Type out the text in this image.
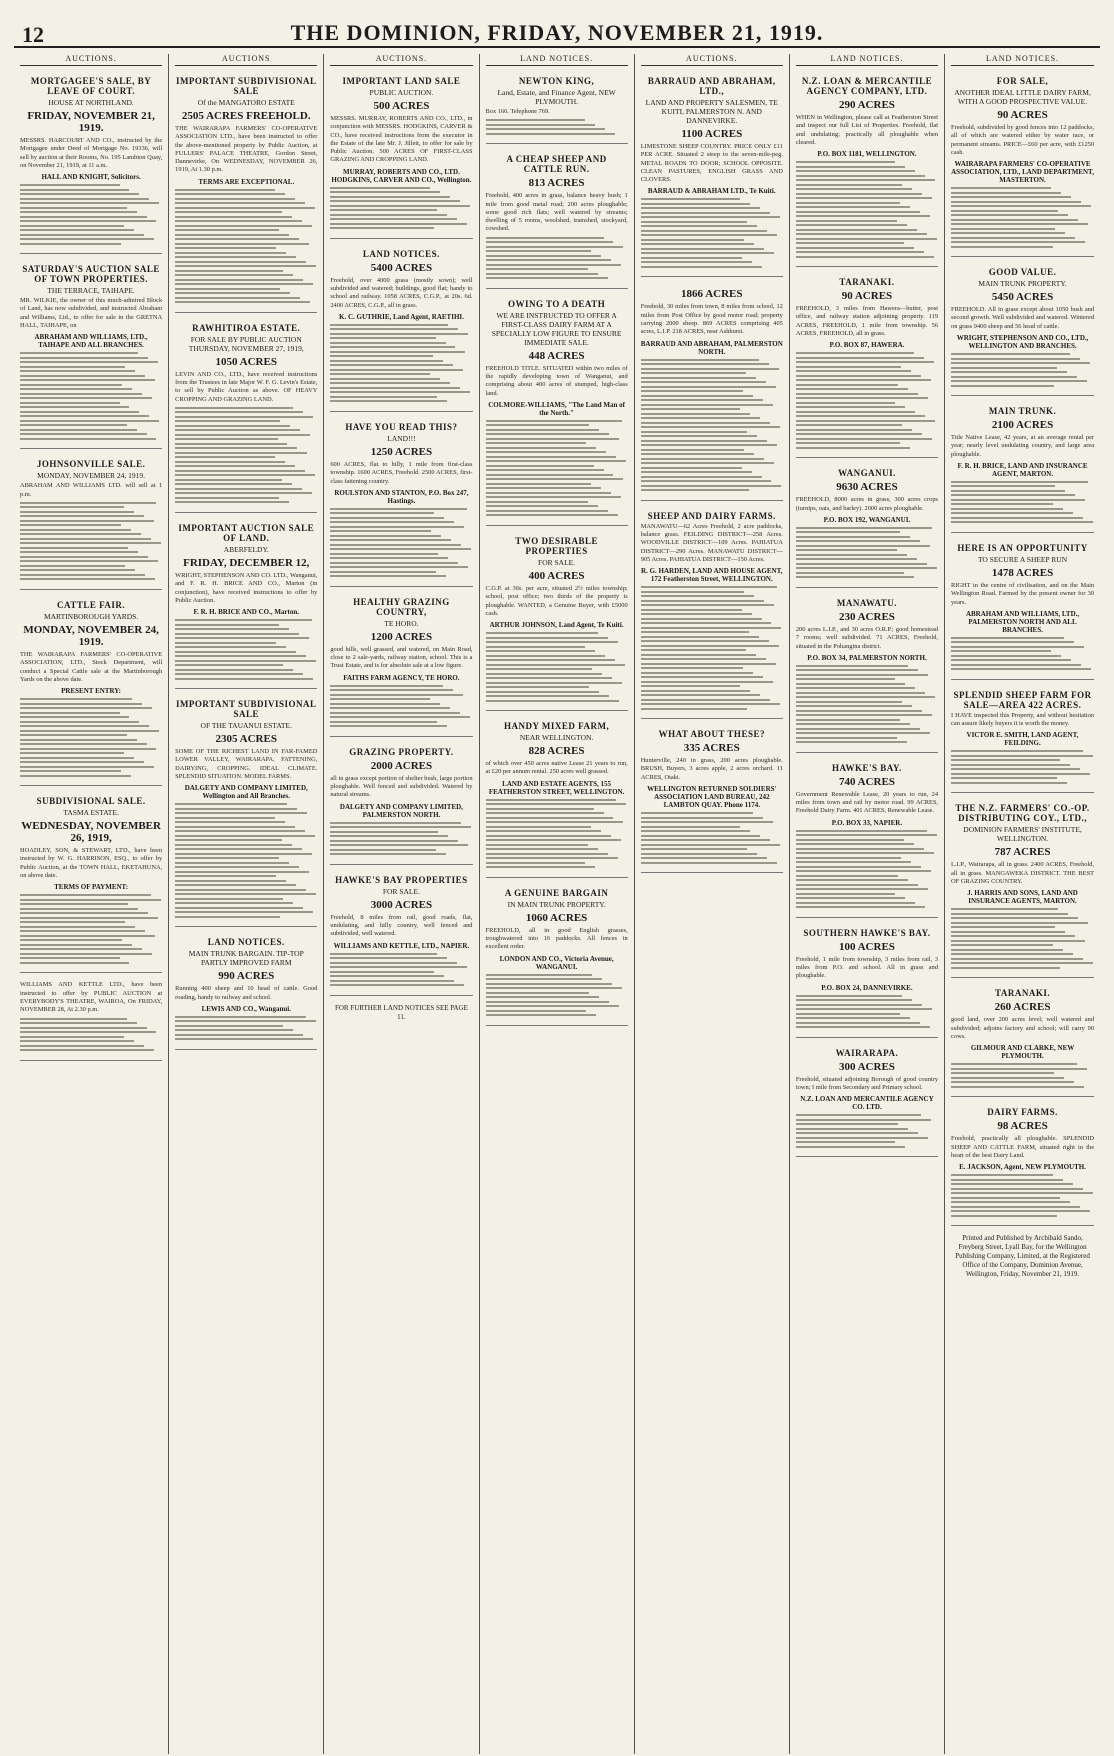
12	THE DOMINION, FRIDAY, NOVEMBER 21, 1919.
AUCTIONS.
MORTGAGEE'S SALE, BY LEAVE OF COURT.
HOUSE AT NORTHLAND.
FRIDAY, NOVEMBER 21, 1919.
MESSRS. HARCOURT AND CO., instructed by the Mortgagee under Deed of Mortgage No. 19336, will sell by auction at their Rooms, No. 195 Lambton Quay, on November 21, 1919, at 11 a.m.
HALL AND KNIGHT, Solicitors.
SATURDAY'S AUCTION SALE OF TOWN PROPERTIES.
THE TERRACE, TAIHAPE.
MR. WILKIE, the owner of this much-admired Block of Land, has now subdivided, and instructed Abraham and Williams, Ltd., to offer for sale in the GRETNA HALL, TAIHAPE, on
ABRAHAM AND WILLIAMS, LTD., TAIHAPE AND ALL BRANCHES.
JOHNSONVILLE SALE.
MONDAY, NOVEMBER 24, 1919.
ABRAHAM AND WILLIAMS LTD. will sell at 1 p.m.
CATTLE FAIR.
MARTINBOROUGH YARDS.
MONDAY, NOVEMBER 24, 1919.
THE WAIRARAPA FARMERS' CO-OPERATIVE ASSOCIATION, LTD., Stock Department, will conduct a Special Cattle sale at the Martinborough Yards on the above date.
PRESENT ENTRY:
SUBDIVISIONAL SALE.
TASMA ESTATE.
WEDNESDAY, NOVEMBER 26, 1919,
HOADLEY, SON, & STEWART, LTD., have been instructed by W. G. HARRISON, ESQ., to offer by Public Auction, at the TOWN HALL, EKETAHUNA, on above date.
TERMS OF PAYMENT:
WILLIAMS AND KETTLE LTD., have been instructed to offer by PUBLIC AUCTION at EVERYBODY'S THEATRE, WAIROA, On FRIDAY, NOVEMBER 28, At 2.30 p.m.
AUCTIONS
IMPORTANT SUBDIVISIONAL SALE
Of the MANGATORO ESTATE
2505 ACRES FREEHOLD.
THE WAIRARAPA FARMERS' CO-OPERATIVE ASSOCIATION LTD., have been instructed to offer the above-mentioned property by Public Auction, at FULLERS' PALACE THEATRE, Gordon Street, Dannevirke, On WEDNESDAY, NOVEMBER 26, 1919, At 1.30 p.m.
TERMS ARE EXCEPTIONAL.
RAWHITIROA ESTATE.
FOR SALE BY PUBLIC AUCTION THURSDAY, NOVEMBER 27, 1919,
1050 ACRES
LEVIN AND CO., LTD., have received instructions from the Trustees in late Major W. F. G. Levin's Estate, to sell by Public Auction as above. OF HEAVY CROPPING AND GRAZING LAND.
IMPORTANT AUCTION SALE OF LAND.
ABERFELDY.
FRIDAY, DECEMBER 12,
WRIGHT, STEPHENSON AND CO. LTD., Wanganui, and F. R. H. BRICE AND CO., Marton (in conjunction), have received instructions to offer by Public Auction.
F. R. H. BRICE AND CO., Marton.
IMPORTANT SUBDIVISIONAL SALE
OF THE TAUANUI ESTATE.
2305 ACRES
SOME OF THE RICHEST LAND IN FAR-FAMED LOWER VALLEY, WAIRARAPA. FATTENING, DAIRYING, CROPPING. IDEAL CLIMATE. SPLENDID SITUATION. MODEL FARMS.
DALGETY AND COMPANY LIMITED, Wellington and All Branches.
LAND NOTICES.
MAIN TRUNK BARGAIN. TIP-TOP PARTLY IMPROVED FARM
990 ACRES
Running 400 sheep and 10 head of cattle. Good roading, handy to railway and school.
LEWIS AND CO., Wanganui.
AUCTIONS.
IMPORTANT LAND SALE
PUBLIC AUCTION.
500 ACRES
MESSRS. MURRAY, ROBERTS AND CO., LTD., in conjunction with MESSRS. HODGKINS, CARVER & CO., have received instructions from the executor in the Estate of the late Mr. J. Jillett, to offer for sale by Public Auction. 500 ACRES OF FIRST-CLASS GRAZING AND CROPPING LAND.
MURRAY, ROBERTS AND CO., LTD. HODGKINS, CARVER AND CO., Wellington.
LAND NOTICES.
5400 ACRES
Freehold, over 4000 grass (mostly sown); well subdivided and watered; buildings, good flat; handy to school and railway. 1058 ACRES, C.G.P., at 20s. 6d. 2400 ACRES, C.G.P., all in grass.
K. C. GUTHRIE, Land Agent, RAETIHI.
HAVE YOU READ THIS?
LAND!!!
1250 ACRES
600 ACRES, flat to hilly, 1 mile from first-class township. 1600 ACRES, Freehold. 2500 ACRES, first-class fattening country.
ROULSTON AND STANTON, P.O. Box 247, Hastings.
HEALTHY GRAZING COUNTRY,
TE HORO.
1200 ACRES
good hills, well grassed, and watered, on Main Road, close to 2 sale-yards, railway station, school. This is a Trust Estate, and is for absolute sale at a low figure.
FAITHS FARM AGENCY, TE HORO.
GRAZING PROPERTY.
2000 ACRES
all in grass except portion of shelter bush, large portion ploughable. Well fenced and subdivided. Watered by natural streams.
DALGETY AND COMPANY LIMITED, PALMERSTON NORTH.
HAWKE'S BAY PROPERTIES
FOR SALE.
3000 ACRES
Freehold, 8 miles from rail, good roads, flat, undulating, and hilly country, well fenced and subdivided, well watered.
WILLIAMS AND KETTLE, LTD., NAPIER.
FOR FURTHER LAND NOTICES SEE PAGE 11.
LAND NOTICES.
NEWTON KING,
Land, Estate, and Finance Agent, NEW PLYMOUTH.
Box 166. Telephone 769.
A CHEAP SHEEP AND CATTLE RUN.
813 ACRES
Freehold, 400 acres in grass, balance heavy bush; 1 mile from good metal road; 200 acres ploughable; some good rich flats; well watered by streams; dwelling of 5 rooms, woolshed, tramshed, stockyard, cowshed.
OWING TO A DEATH
WE ARE INSTRUCTED TO OFFER A FIRST-CLASS DAIRY FARM AT A SPECIALLY LOW FIGURE TO ENSURE IMMEDIATE SALE.
448 ACRES
FREEHOLD TITLE. SITUATED within two miles of the rapidly developing town of Wanganui, and comprising about 400 acres of stumped, high-class land.
COLMORE-WILLIAMS, "The Land Man of the North."
TWO DESIRABLE PROPERTIES
FOR SALE.
400 ACRES
C.G.P. at 30s. per acre, situated 2½ miles township; school, post office; two thirds of the property is ploughable. WANTED, a Genuine Buyer, with £5000 cash.
ARTHUR JOHNSON, Land Agent, Te Kuiti.
HANDY MIXED FARM,
NEAR WELLINGTON.
828 ACRES
of which over 450 acres native Lease 21 years to run, at £20 per annum rental. 250 acres well grassed.
LAND AND ESTATE AGENTS, 155 FEATHERSTON STREET, WELLINGTON.
A GENUINE BARGAIN
IN MAIN TRUNK PROPERTY.
1060 ACRES
FREEHOLD, all in good English grasses, troughwatered into 16 paddocks. All fences in excellent order.
LONDON AND CO., Victoria Avenue, WANGANUI.
AUCTIONS.
BARRAUD AND ABRAHAM, LTD.,
LAND AND PROPERTY SALESMEN, TE KUITI, PALMERSTON N. AND DANNEVIRKE.
1100 ACRES
LIMESTONE SHEEP COUNTRY. PRICE ONLY £11 PER ACRE. Situated 2 steep to the seven-mile-peg. METAL ROADS TO DOOR; SCHOOL OPPOSITE. CLEAN PASTURES, ENGLISH GRASS AND CLOVERS.
BARRAUD & ABRAHAM LTD., Te Kuiti.
1866 ACRES
Freehold, 30 miles from town, 8 miles from school, 12 miles from Post Office by good motor road; property carrying 2000 sheep. 869 ACRES comprising 405 acres, L.I.P. 218 ACRES, near Ashhurst.
BARRAUD AND ABRAHAM, PALMERSTON NORTH.
SHEEP AND DAIRY FARMS.
MANAWATU—62 Acres Freehold, 2 acre paddocks, balance grass. FEILDING DISTRICT—258 Acres. WOODVILLE DISTRICT—109 Acres. PAHIATUA DISTRICT—290 Acres. MANAWATU DISTRICT—905 Acres. PAHIATUA DISTRICT—150 Acres.
R. G. HARDEN, LAND AND HOUSE AGENT, 172 Featherston Street, WELLINGTON.
WHAT ABOUT THESE?
335 ACRES
Hunterville, 240 in grass, 200 acres ploughable. BRUSH, Buyers, 3 acres apple, 2 acres orchard. 11 ACRES, Otaki.
WELLINGTON RETURNED SOLDIERS' ASSOCIATION LAND BUREAU, 242 LAMBTON QUAY. Phone 1174.
LAND NOTICES.
N.Z. LOAN & MERCANTILE AGENCY COMPANY, LTD.
290 ACRES
WHEN in Wellington, please call at Featherston Street and inspect our full List of Properties. Freehold, flat and undulating; practically all ploughable when cleared.
P.O. BOX 1181, WELLINGTON.
TARANAKI.
90 ACRES
FREEHOLD, 3 miles from Hawera—butter, post office, and railway station adjoining property. 119 ACRES, FREEHOLD, 1 mile from township. 56 ACRES, FREEHOLD, all in grass.
P.O. BOX 87, HAWERA.
WANGANUI.
9630 ACRES
FREEHOLD, 8000 acres in grass, 300 acres crops (turnips, oats, and barley). 2000 acres ploughable.
P.O. BOX 192, WANGANUI.
MANAWATU.
230 ACRES
200 acres L.I.P., and 30 acres O.R.P.; good homestead 7 rooms; well subdivided. 71 ACRES, Freehold, situated in the Pohangina district.
P.O. BOX 34, PALMERSTON NORTH.
HAWKE'S BAY.
740 ACRES
Government Renewable Lease, 20 years to run, 24 miles from town and rail by motor road. 99 ACRES, Freehold Dairy Farm. 401 ACRES, Renewable Lease.
P.O. BOX 33, NAPIER.
SOUTHERN HAWKE'S BAY.
100 ACRES
Freehold, 1 mile from township, 3 miles from rail, 3 miles from P.O. and school. All in grass and ploughable.
P.O. BOX 24, DANNEVIRKE.
WAIRARAPA.
300 ACRES
Freehold, situated adjoining Borough of good country town; I mile from Secondary and Primary school.
N.Z. LOAN AND MERCANTILE AGENCY CO. LTD.
LAND NOTICES.
FOR SALE,
ANOTHER IDEAL LITTLE DAIRY FARM, WITH A GOOD PROSPECTIVE VALUE.
90 ACRES
Freehold, subdivided by good fences into 12 paddocks, all of which are watered either by water race, or permanent streams. PRICE—£60 per acre, with £1250 cash.
WAIRARAPA FARMERS' CO-OPERATIVE ASSOCIATION, LTD., LAND DEPARTMENT, MASTERTON.
GOOD VALUE.
MAIN TRUNK PROPERTY.
5450 ACRES
FREEHOLD. All in grass except about 1050 bush and second growth. Well subdivided and watered. Wintered on grass 9400 sheep and 56 head of cattle.
WRIGHT, STEPHENSON AND CO., LTD., WELLINGTON AND BRANCHES.
MAIN TRUNK.
2100 ACRES
Title Native Lease, 42 years, at an average rental per year; nearly level undulating country, and large area ploughable.
F. R. H. BRICE, LAND AND INSURANCE AGENT, MARTON.
HERE IS AN OPPORTUNITY
TO SECURE A SHEEP RUN
1478 ACRES
RIGHT in the centre of civilisation, and on the Main Wellington Road. Farmed by the present owner for 30 years.
ABRAHAM AND WILLIAMS, LTD., PALMERSTON NORTH AND ALL BRANCHES.
SPLENDID SHEEP FARM FOR SALE—AREA 422 ACRES.
I HAVE inspected this Property, and without hesitation can assure likely buyers it is worth the money.
VICTOR E. SMITH, LAND AGENT, FEILDING.
THE N.Z. FARMERS' CO.-OP. DISTRIBUTING COY., LTD.,
DOMINION FARMERS' INSTITUTE, WELLINGTON.
787 ACRES
L.I.P., Wairarapa, all in grass. 2400 ACRES, Freehold, all in grass. MANGAWEKA DISTRICT. THE BEST OF GRAZING COUNTRY.
J. HARRIS AND SONS, LAND AND INSURANCE AGENTS, MARTON.
TARANAKI.
260 ACRES
good land, over 200 acres level; well watered and subdivided; adjoins factory and school; will carry 90 cows.
GILMOUR AND CLARKE, NEW PLYMOUTH.
DAIRY FARMS.
98 ACRES
Freehold, practically all ploughable. SPLENDID SHEEP AND CATTLE FARM, situated right in the heart of the best Dairy Land.
E. JACKSON, Agent, NEW PLYMOUTH.
Printed and Published by Archibald Sando, Freyberg Street, Lyall Bay, for the Wellington Publishing Company, Limited, at the Registered Office of the Company, Dominion Avenue, Wellington, Friday, November 21, 1919.
